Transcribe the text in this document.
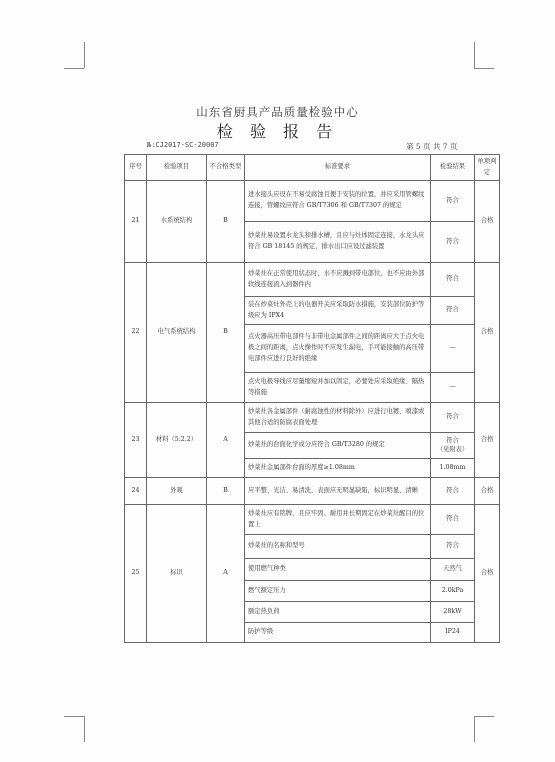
山东省厨具产品质量检验中心
检 验 报 告
№:CJ2017-SC-20007	第 5 页 共 7 页
序号	检验项目	不合格类型	标准要求	检验结果	单项判定
21	水系统结构	B	进水接头应设在不易受腐蚀且便于安装的位置，并应采用管螺纹连接，管螺纹应符合 GB/T7306 和 GB/T7307 的规定	符合	合格
			炒菜灶易设置水龙头和排水槽，且应与灶体固定连接，水龙头应符合 GB 18145 的规定，排水出口应设过滤装置	符合	
22	电气系统结构	B	炒菜灶在正常使用状态时，水不应溅到带电部位，也不应由外部软线连接流入到器件内	符合	合格
			装在炒菜灶外壳上的电器开关应采取防水措施，安装部位防护等级应为 IPX4	符合	
			点火器高压带电部件与非带电金属部件之间的距离应大于点火电极之间的距离，点火操作时不应发生漏电，手可能接触的高压带电部件应进行良好的绝缘	—	
			点火电极导线应尽量缩短并加以固定，必要处应采取绝缘、隔热等措施	—	
23	材料（5.2.2）	A	炒菜灶各金属部件（耐腐蚀性的材料除外）应进行电镀、喷漆或其他合适的防腐表面处理	符合	合格
			炒菜灶的台面化学成分应符合 GB/T3280 的规定	符合
（见附表）	
			炒菜灶金属部件台面的厚度≥1.08mm	1.08mm	
24	外观	B	应平整、光洁、易清洗，表面应无明显缺陷，标识明显、清晰	符合	合格
25	标识	A	炒菜灶应有铭牌，且应牢固、耐用并长期固定在炒菜灶醒目的位置上	符合	合格
			炒菜灶的名称和型号	符合	
			使用燃气种类	天然气	
			燃气额定压力	2.0kPa	
			额定热负荷	28kW	
			防护等级	IP24	
